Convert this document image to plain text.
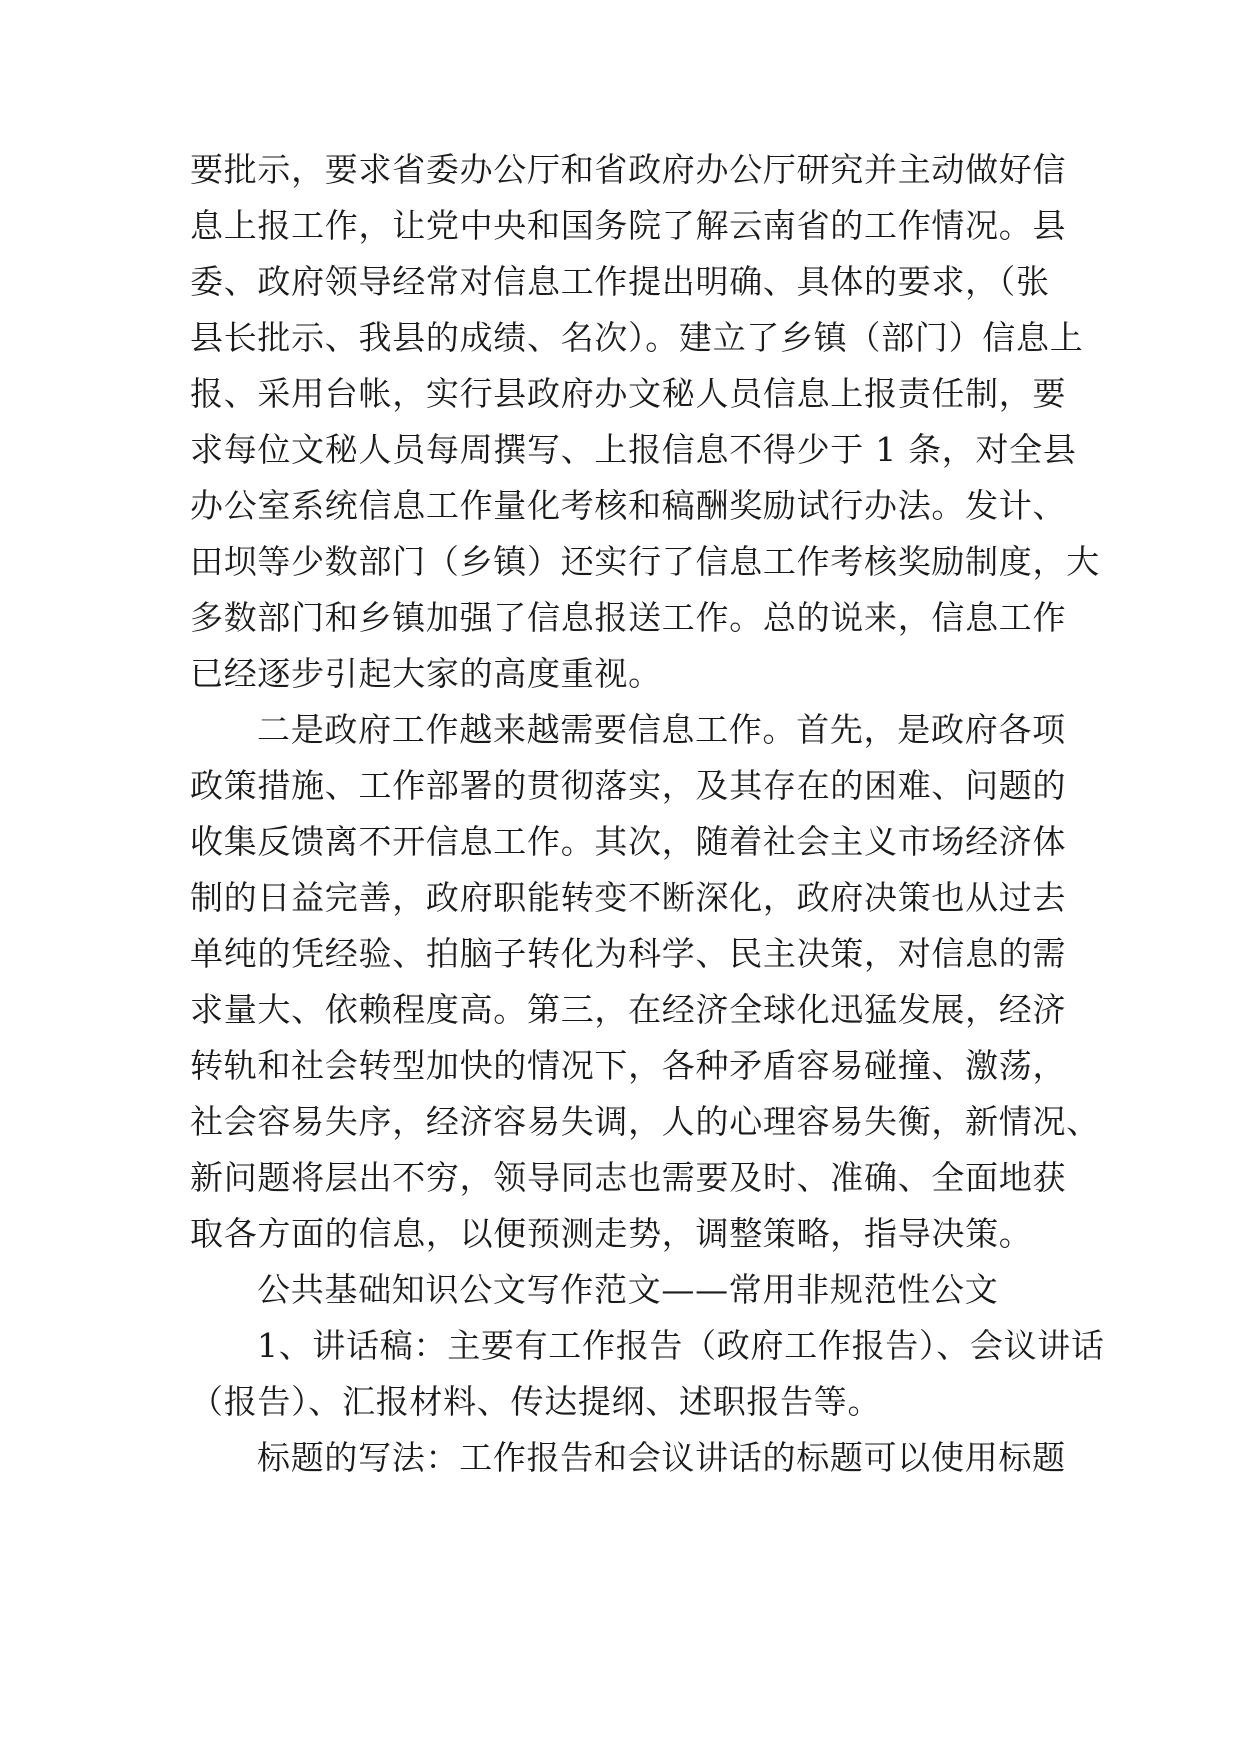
要批示，要求省委办公厅和省政府办公厅研究并主动做好信
息上报工作，让党中央和国务院了解云南省的工作情况。县
委、政府领导经常对信息工作提出明确、具体的要求，（张
县长批示、我县的成绩、名次）。建立了乡镇（部门）信息上
报、采用台帐，实行县政府办文秘人员信息上报责任制，要
求每位文秘人员每周撰写、上报信息不得少于 1 条，对全县
办公室系统信息工作量化考核和稿酬奖励试行办法。发计、
田坝等少数部门（乡镇）还实行了信息工作考核奖励制度，大
多数部门和乡镇加强了信息报送工作。总的说来，信息工作
已经逐步引起大家的高度重视。
二是政府工作越来越需要信息工作。首先，是政府各项
政策措施、工作部署的贯彻落实，及其存在的困难、问题的
收集反馈离不开信息工作。其次，随着社会主义市场经济体
制的日益完善，政府职能转变不断深化，政府决策也从过去
单纯的凭经验、拍脑子转化为科学、民主决策，对信息的需
求量大、依赖程度高。第三，在经济全球化迅猛发展，经济
转轨和社会转型加快的情况下，各种矛盾容易碰撞、激荡，
社会容易失序，经济容易失调，人的心理容易失衡，新情况、
新问题将层出不穷，领导同志也需要及时、准确、全面地获
取各方面的信息，以便预测走势，调整策略，指导决策。
公共基础知识公文写作范文——常用非规范性公文
1、讲话稿：主要有工作报告（政府工作报告）、会议讲话
（报告）、汇报材料、传达提纲、述职报告等。
标题的写法：工作报告和会议讲话的标题可以使用标题
